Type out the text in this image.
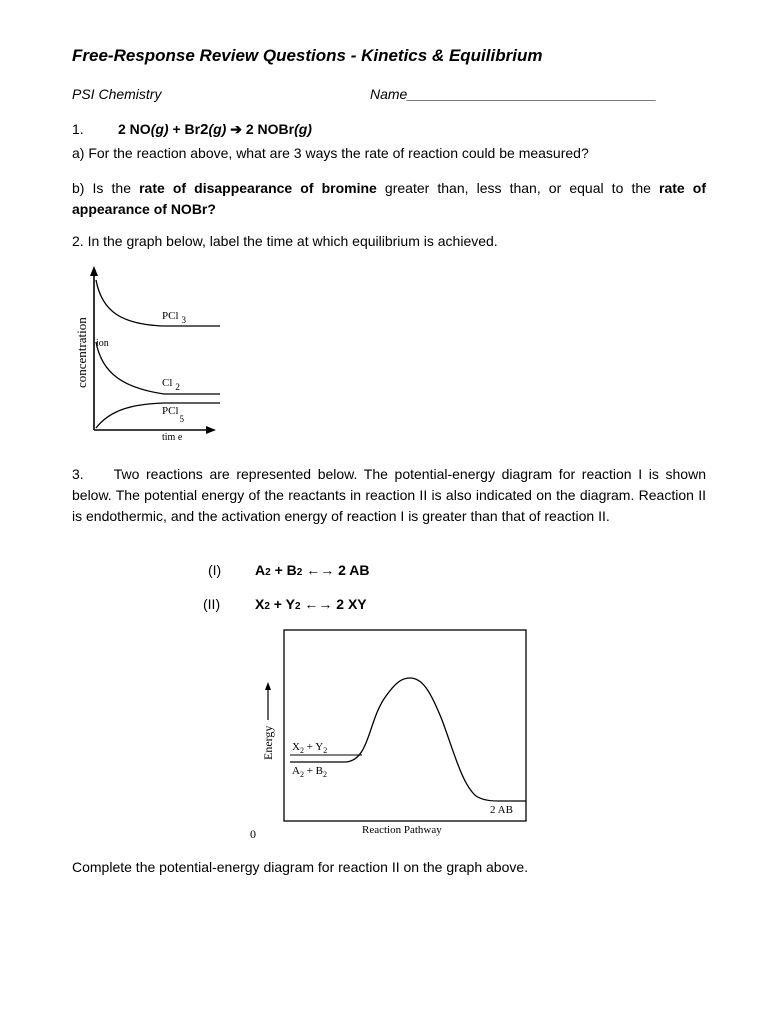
Free-Response Review Questions - Kinetics & Equilibrium
PSI Chemistry	Name________________________________
1. 2 NO(g) + Br2(g) ➔ 2 NOBr(g)
a) For the reaction above, what are 3 ways the rate of reaction could be measured?
b) Is the rate of disappearance of bromine greater than, less than, or equal to the rate of appearance of NOBr?
2. In the graph below, label the time at which equilibrium is achieved.
PCl $_3$
Cl $_2$
PCl$_5$
tim e
concentration ion
3. Two reactions are represented below. The potential-energy diagram for reaction I is shown below. The potential energy of the reactants in reaction II is also indicated on the diagram. Reaction II is endothermic, and the activation energy of reaction I is greater than that of reaction II.
(I) A2 + B2 ←→ 2 AB
(II) X2 + Y2 ←→ 2 XY
Energy $X_2 + Y_2$
$A_2 + B_2$
2 AB
Reaction Pathway
0
Complete the potential-energy diagram for reaction II on the graph above.
